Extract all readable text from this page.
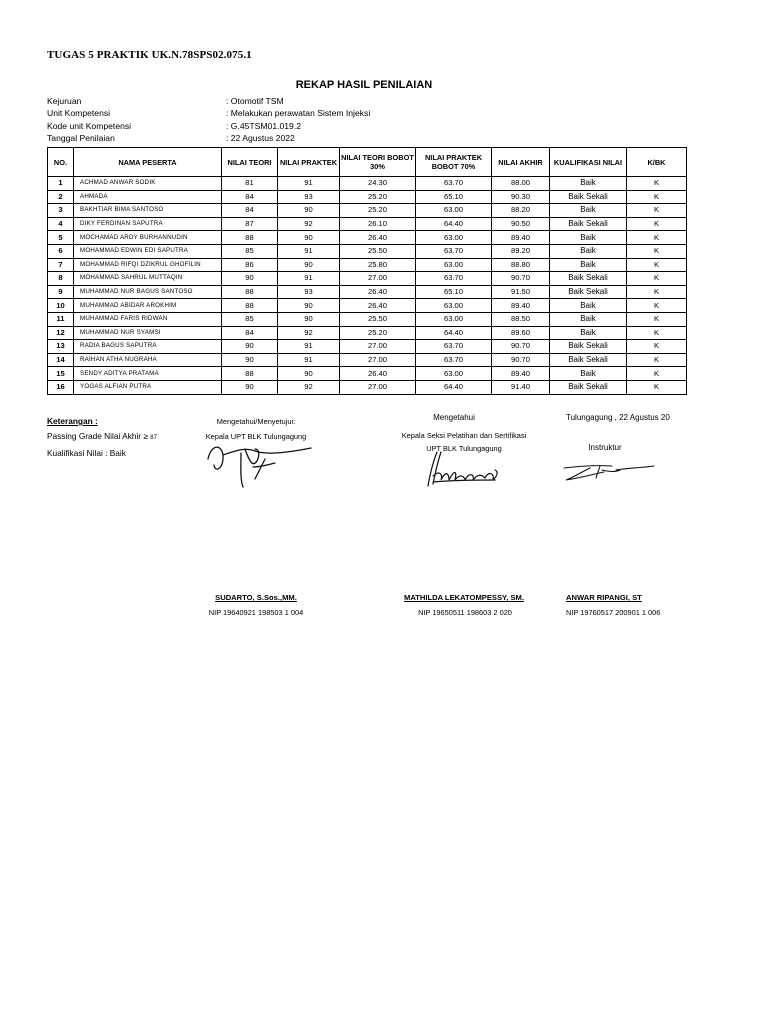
TUGAS 5 PRAKTIK UK.N.78SPS02.075.1
REKAP HASIL PENILAIAN
Kejuruan	: Otomotif TSM
Unit Kompetensi	: Melakukan perawatan Sistem Injeksi
Kode unit Kompetensi	: G.45TSM01.019.2
Tanggal Penilaian	: 22 Agustus 2022
NO.	NAMA PESERTA	NILAI TEORI	NILAI PRAKTEK	NILAI TEORI BOBOT 30%	NILAI PRAKTEK BOBOT 70%	NILAI AKHIR	KUALIFIKASI NILAI	K/BK
1	ACHMAD ANWAR SODIK	81	91	24.30	63.70	88.00	Baik	K
2	AHMADA	84	93	25.20	65.10	90.30	Baik Sekali	K
3	BAKHTIAR BIMA SANTOSO	84	90	25.20	63.00	88.20	Baik	K
4	DIKY FERDINAN SAPUTRA	87	92	26.10	64.40	90.50	Baik Sekali	K
5	MOCHAMAD ARDY BURHANNUDIN	88	90	26.40	63.00	89.40	Baik	K
6	MOHAMMAD EDWIN EDI SAPUTRA	85	91	25.50	63.70	89.20	Baik	K
7	MOHAMMAD RIFQI DZIKRUL GHOFILIN	86	90	25.80	63.00	88.80	Baik	K
8	MOHAMMAD SAHRUL MUTTAQIN	90	91	27.00	63.70	90.70	Baik Sekali	K
9	MUHAMMAD NUR BAGUS SANTOSO	88	93	26.40	65.10	91.50	Baik Sekali	K
10	MUHAMMAD ABIDAR AROKHIM	88	90	26.40	63.00	89.40	Baik	K
11	MUHAMMAD FARIS RIDWAN	85	90	25.50	63.00	88.50	Baik	K
12	MUHAMMAD NUR SYAMSI	84	92	25.20	64.40	89.60	Baik	K
13	RADIA BAGUS SAPUTRA	90	91	27.00	63.70	90.70	Baik Sekali	K
14	RAIHAN ATHA NUGRAHA	90	91	27.00	63.70	90.70	Baik Sekali	K
15	SENDY ADITYA PRATAMA	88	90	26.40	63.00	89.40	Baik	K
16	YOGAS ALFIAN PUTRA	90	92	27.00	64.40	91.40	Baik Sekali	K
Keterangan :
Passing Grade Nilai Akhir ≥ 87
Kualifikasi Nilai : Baik
Mengetahui/Menyetujui:
Kepala UPT BLK Tulungagung
SUDARTO, S.Sos.,MM.
NIP 19640921 198503 1 004
Mengetahui
Kepala Seksi Pelatihan dan Sertifikasi
UPT BLK Tulungagung
MATHILDA LEKATOMPESSY, SM.
NIP 19650511 198603 2 020
Tulungagung , 22 Agustus 20
Instruktur
ANWAR RIPANGI, ST
NIP 19760517 200901 1 006
